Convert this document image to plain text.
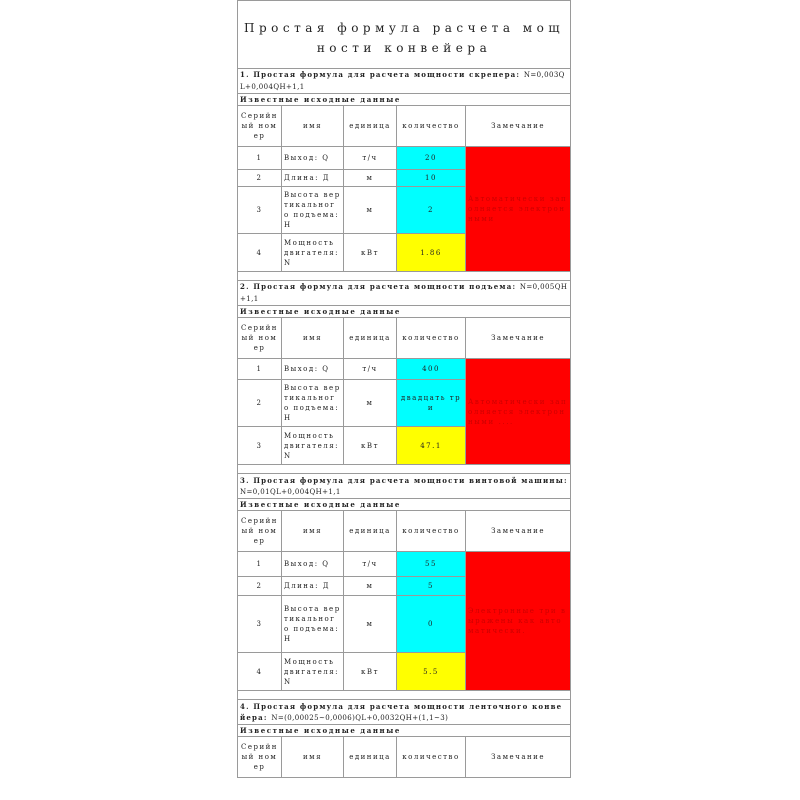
Простая формула расчета мощности конвейера				
1. Простая формула для расчета мощности скрепера: N=0,003QL+0,004QH+1,1				
Известные исходные данные				
Серийный номер	имя	единица	количество	Замечание
1	Выход: Q	т/ч	20	Автоматически заполняется электронными
2	Длина: Д	м	10	
3	Высота вертикального подъема: H	м	2	
4	Мощность двигателя: N	кВт	1.86	

2. Простая формула для расчета мощности подъема: N=0,005QH+1,1				
Известные исходные данные				
Серийный номер	имя	единица	количество	Замечание
1	Выход: Q	т/ч	400	Автоматически заполняется электронными ....
2	Высота вертикального подъема: H	м	двадцать три	
3	Мощность двигателя: N	кВт	47.1	

3. Простая формула для расчета мощности винтовой машины: N=0,01QL+0,004QH+1,1				
Известные исходные данные				
Серийный номер	имя	единица	количество	Замечание
1	Выход: Q	т/ч	55	Электронные три выражены как автоматически.
2	Длина: Д	м	5	
3	Высота вертикального подъема: H	м	0	
4	Мощность двигателя: N	кВт	5.5	

4. Простая формула для расчета мощности ленточного конвейера: N=(0,00025~0,0006)QL+0,0032QH+(1,1~3)				
Известные исходные данные				
Серийный номер	имя	единица	количество	Замечание
